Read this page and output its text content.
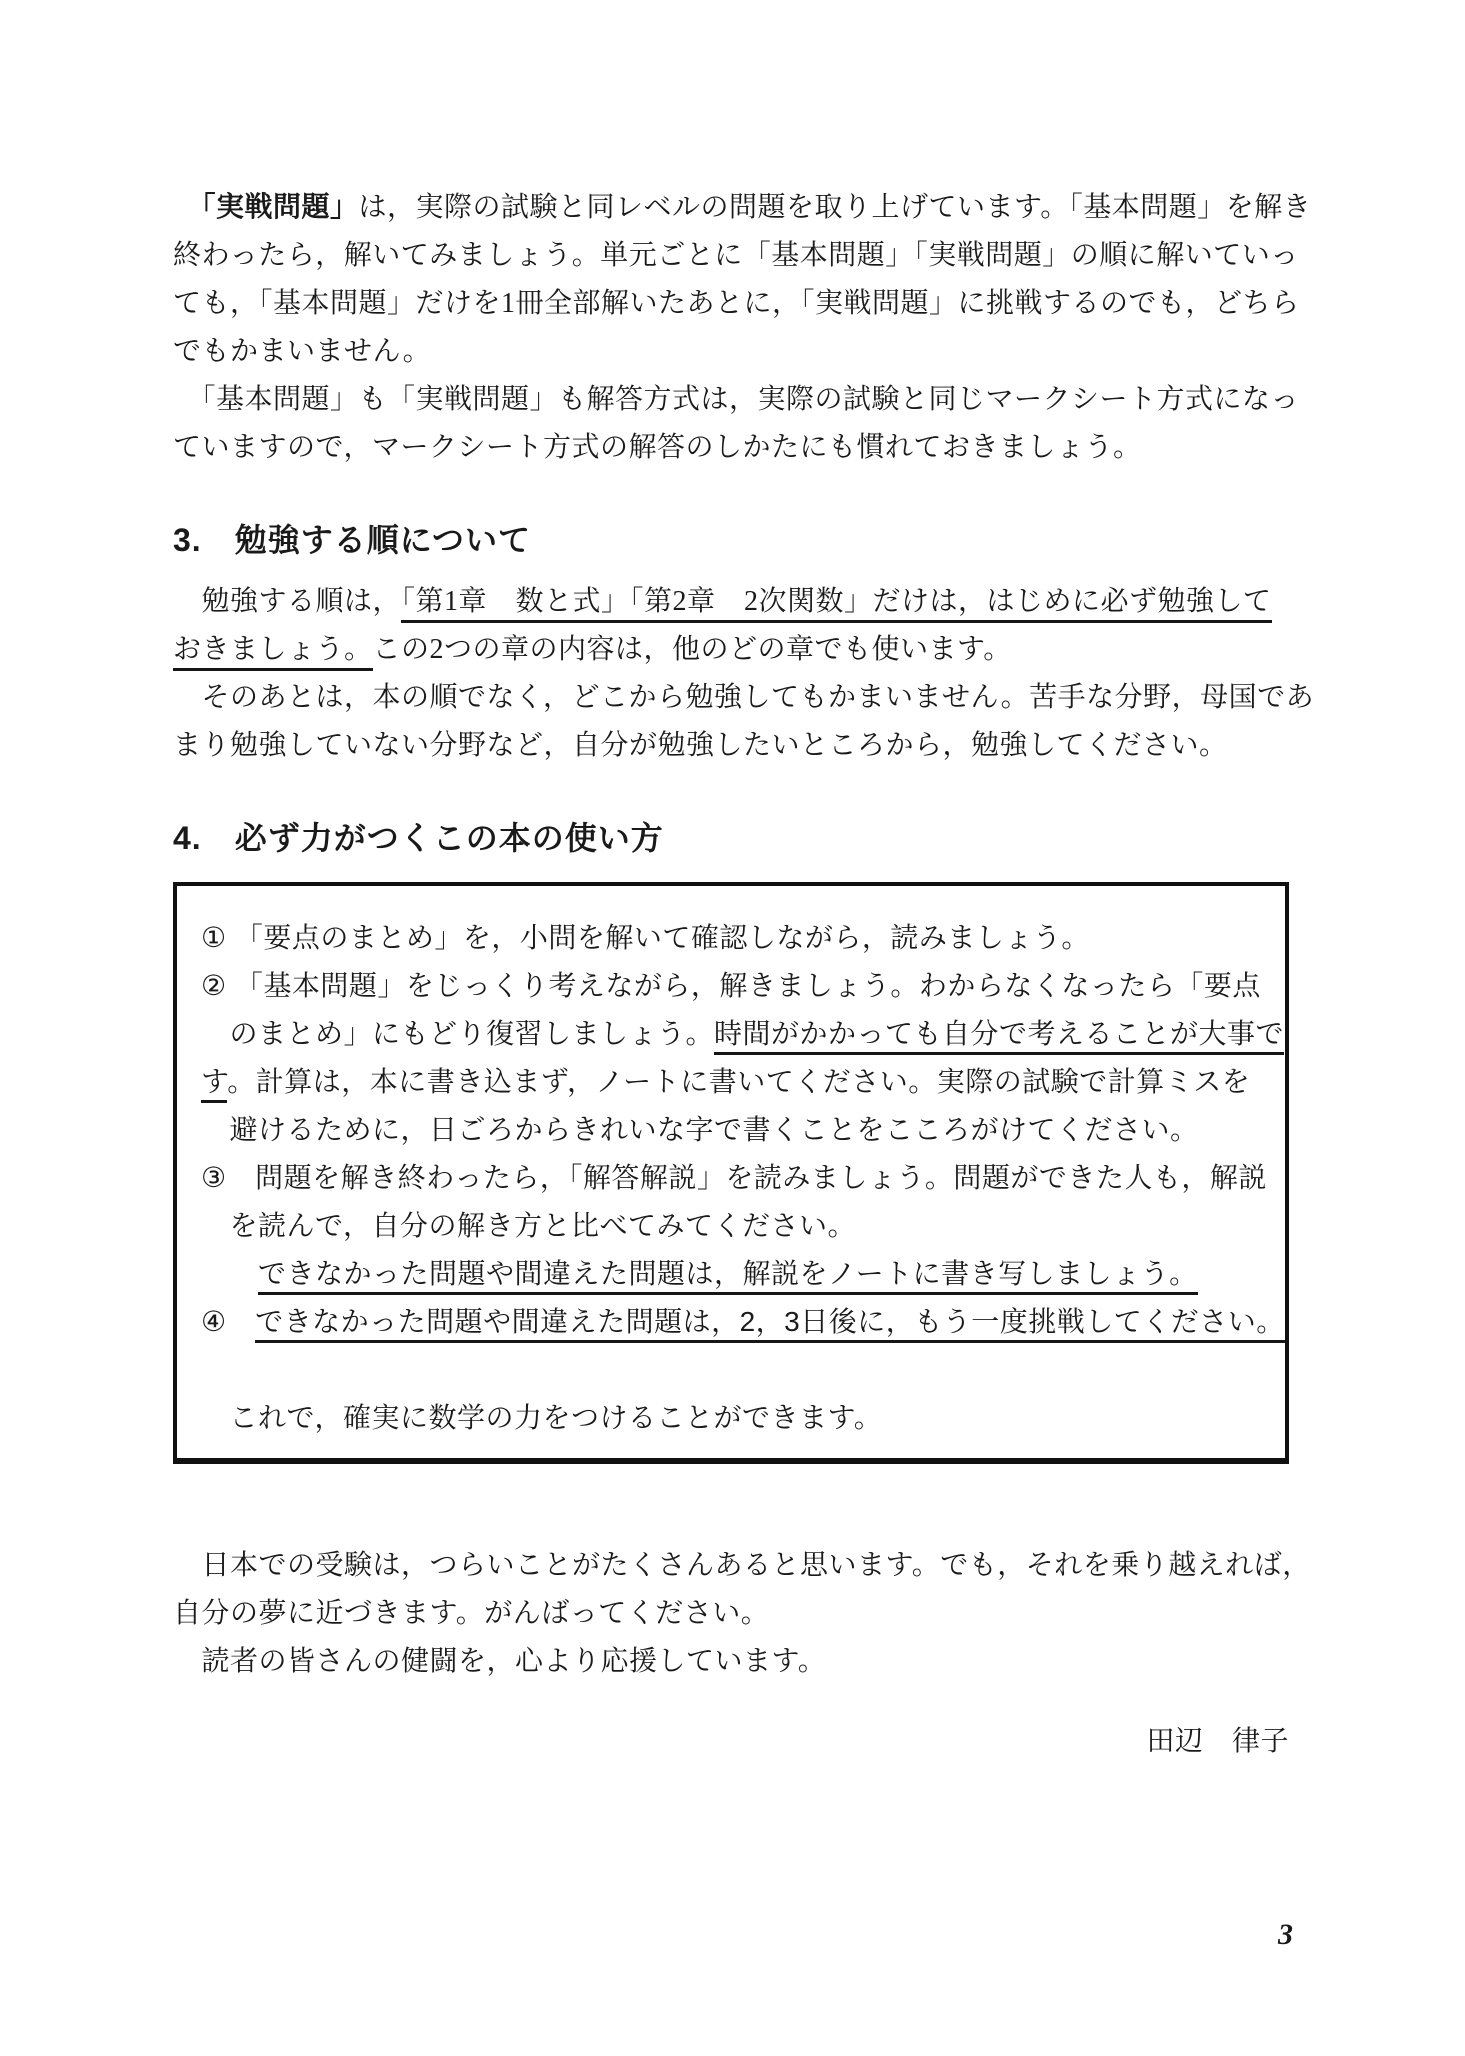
　「実戦問題」は，実際の試験と同レベルの問題を取り上げています。「基本問題」を解き
終わったら，解いてみましょう。単元ごとに「基本問題」「実戦問題」の順に解いていっ
ても，「基本問題」だけを1冊全部解いたあとに，「実戦問題」に挑戦するのでも，どちら
でもかまいません。
　「基本問題」も「実戦問題」も解答方式は，実際の試験と同じマークシート方式になっ
ていますので，マークシート方式の解答のしかたにも慣れておきましょう。
3.　勉強する順について
　勉強する順は，「第1章　数と式」「第2章　2次関数」だけは，はじめに必ず勉強して
おきましょう。この2つの章の内容は，他のどの章でも使います。
　そのあとは，本の順でなく，どこから勉強してもかまいません。苦手な分野，母国であ
まり勉強していない分野など，自分が勉強したいところから，勉強してください。
4.　必ず力がつくこの本の使い方
① 「要点のまとめ」を，小問を解いて確認しながら，読みましょう。
② 「基本問題」をじっくり考えながら，解きましょう。わからなくなったら「要点
　のまとめ」にもどり復習しましょう。時間がかかっても自分で考えることが大事で
す。計算は，本に書き込まず，ノートに書いてください。実際の試験で計算ミスを
　避けるために，日ごろからきれいな字で書くことをこころがけてください。
③　問題を解き終わったら，「解答解説」を読みましょう。問題ができた人も，解説
　を読んで，自分の解き方と比べてみてください。
　　できなかった問題や間違えた問題は，解説をノートに書き写しましょう。
④　できなかった問題や間違えた問題は，2，3日後に，もう一度挑戦してください。
　これで，確実に数学の力をつけることができます。
　日本での受験は，つらいことがたくさんあると思います。でも，それを乗り越えれば，
自分の夢に近づきます。がんばってください。
　読者の皆さんの健闘を，心より応援しています。
田辺　律子
3
